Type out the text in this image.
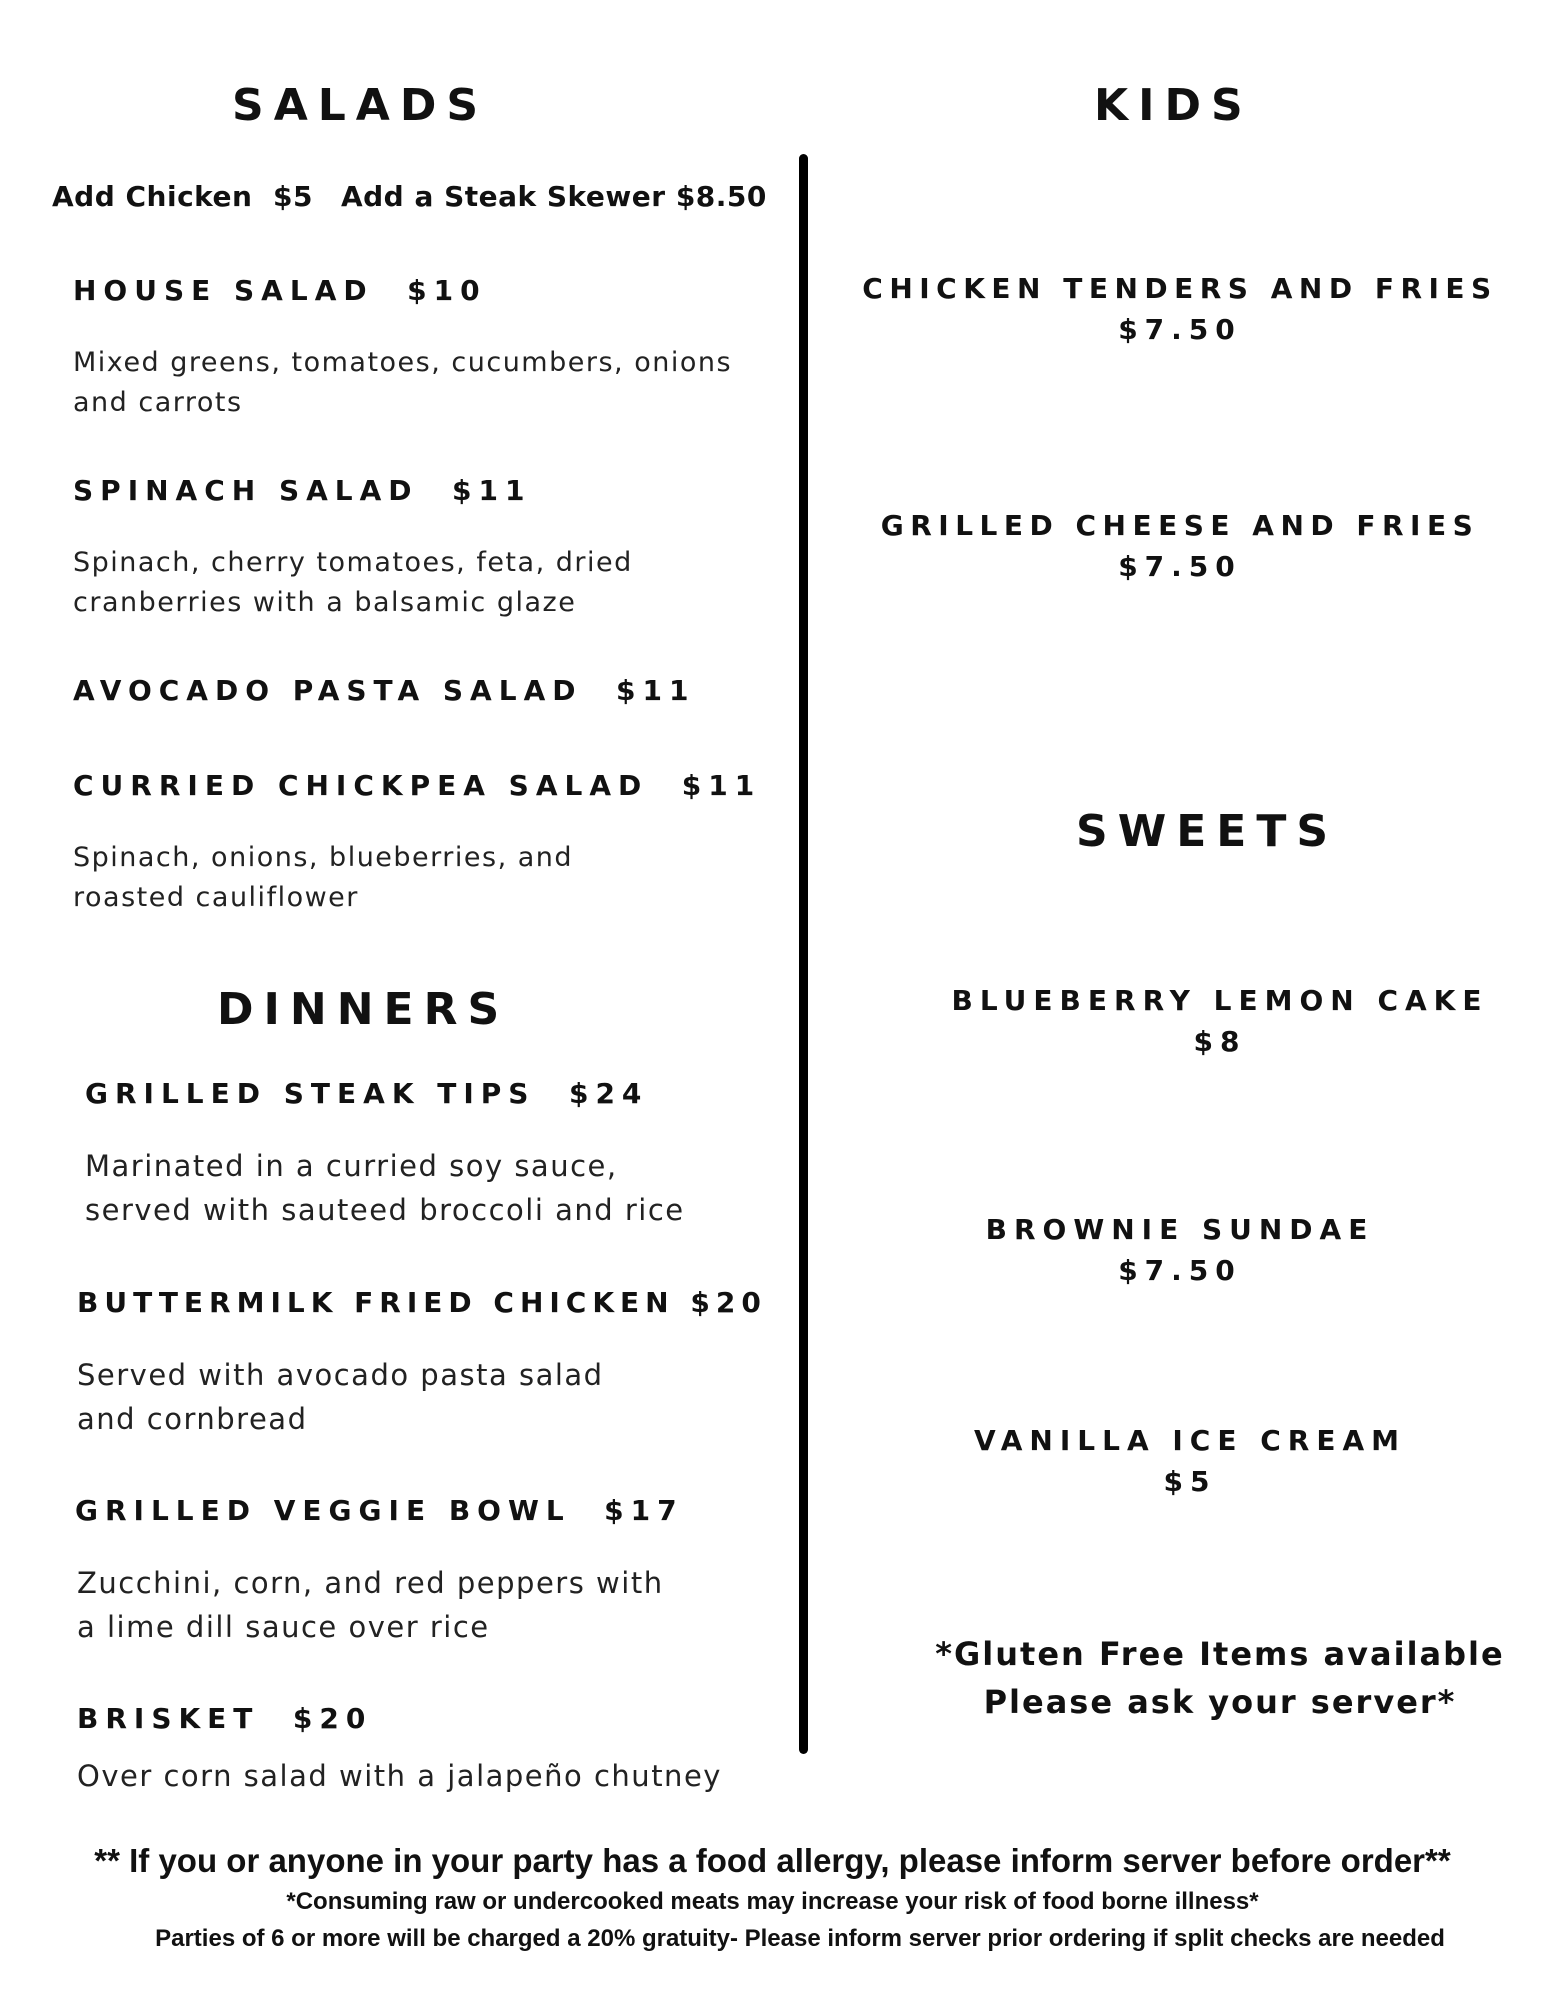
SALADS
Add Chicken  $5 Add a Steak Skewer $8.50
HOUSE SALAD  $10
Mixed greens, tomatoes, cucumbers, onions and carrots
SPINACH SALAD  $11
Spinach, cherry tomatoes, feta, dried cranberries with a balsamic glaze
AVOCADO PASTA SALAD  $11
CURRIED CHICKPEA SALAD  $11
Spinach, onions, blueberries, and roasted cauliflower
DINNERS
GRILLED STEAK TIPS  $24
Marinated in a curried soy sauce, served with sauteed broccoli and rice
BUTTERMILK FRIED CHICKEN $20
Served with avocado pasta salad and cornbread
GRILLED VEGGIE BOWL  $17
Zucchini, corn, and red peppers with a lime dill sauce over rice
BRISKET  $20
Over corn salad with a jalapeño chutney
KIDS
CHICKEN TENDERS AND FRIES
$7.50
GRILLED CHEESE AND FRIES
$7.50
SWEETS
BLUEBERRY LEMON CAKE
$8
BROWNIE SUNDAE
$7.50
VANILLA ICE CREAM
$5
*Gluten Free Items available
Please ask your server*
** If you or anyone in your party has a food allergy, please inform server before order**
*Consuming raw or undercooked meats may increase your risk of food borne illness*
Parties of 6 or more will be charged a 20% gratuity- Please inform server prior ordering if split checks are needed
